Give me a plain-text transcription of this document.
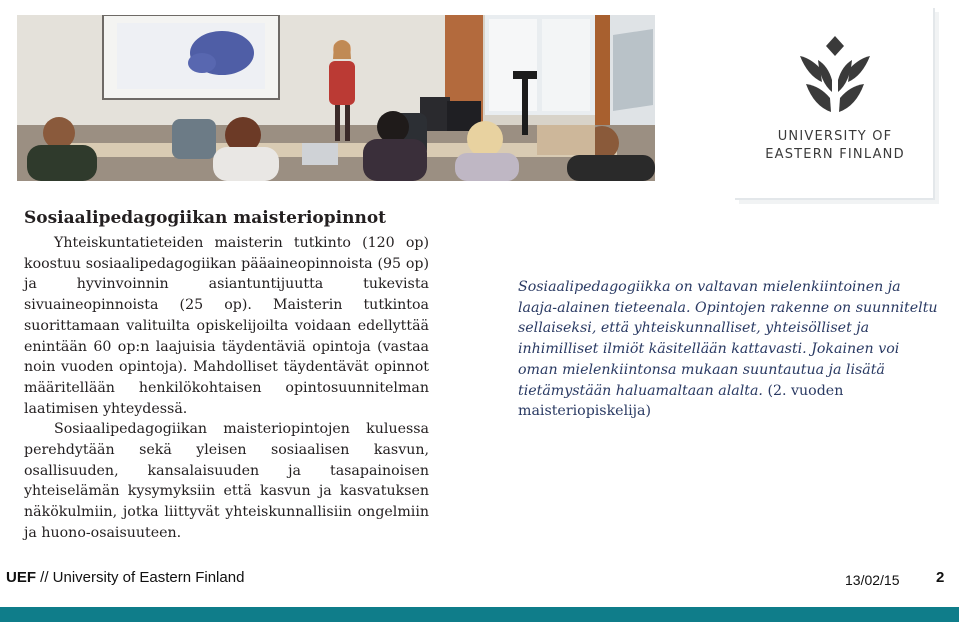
UNIVERSITY OF
EASTERN FINLAND
Sosiaalipedagogiikan maisteriopinnot

Yhteiskuntatieteiden maisterin tutkinto (120 op) koostuu sosiaalipedagogiikan pääaineopinnoista (95 op) ja hyvinvoinnin asiantuntijuutta tukevista sivuaineopinnoista (25 op). Maisterin tutkintoa suorittamaan valituilta opiskelijoilta voidaan edellyttää enintään 60 op:n laajuisia täydentäviä opintoja (vastaa noin vuoden opintoja). Mahdolliset täydentävät opinnot määritellään henkilökohtaisen opintosuunnitelman laatimisen yhteydessä.

Sosiaalipedagogiikan maisteriopintojen kuluessa perehdytään sekä yleisen sosiaalisen kasvun, osallisuuden, kansalaisuuden ja tasapainoisen yhteiselämän kysymyksiin että kasvun ja kasvatuksen näkökulmiin, jotka liittyvät yhteiskunnallisiin ongelmiin ja huono-osaisuuteen.

Sosiaalipedagogiikka on valtavan mielenkiintoinen ja laaja-alainen tieteenala. Opintojen rakenne on suunniteltu sellaiseksi, että yhteiskunnalliset, yhteisölliset ja inhimilliset ilmiöt käsitellään kattavasti. Jokainen voi oman mielenkiintonsa mukaan suuntautua ja lisätä tietämystään haluamaltaan alalta. (2. vuoden maisteriopiskelija)
UEF // University of Eastern Finland	13/02/15 2
